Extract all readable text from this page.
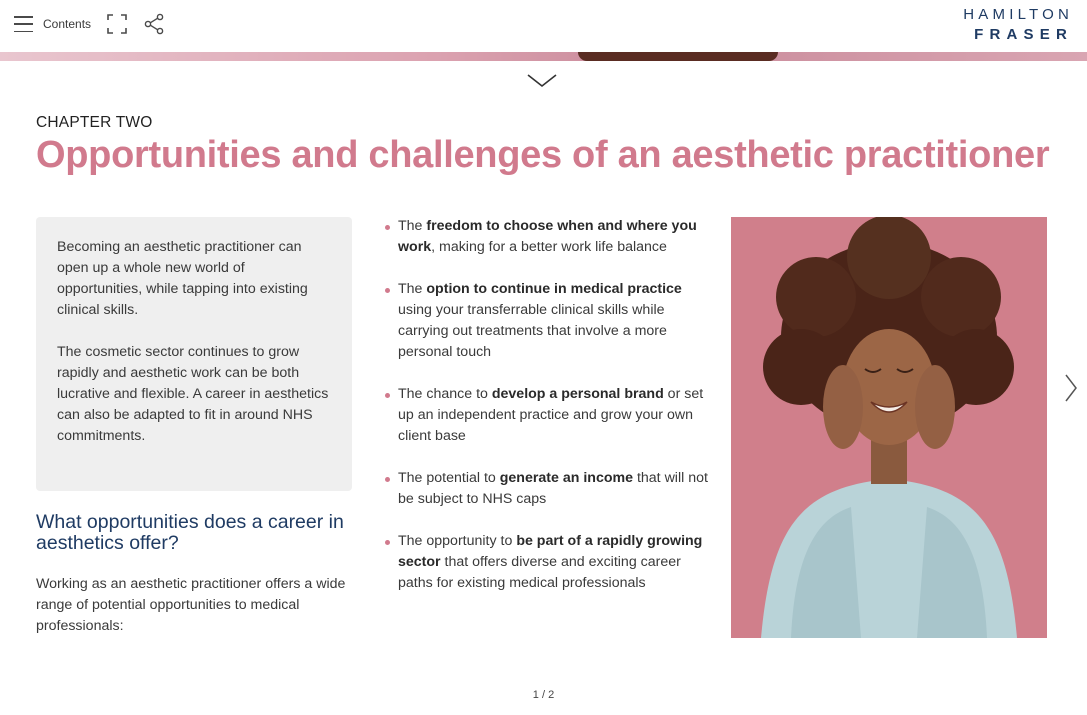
Contents
HAMILTON
FRASER
CHAPTER TWO
Opportunities and challenges of an aesthetic practitioner

Becoming an aesthetic practitioner can open up a whole new world of opportunities, while tapping into existing clinical skills.

The cosmetic sector continues to grow rapidly and aesthetic work can be both lucrative and flexible. A career in aesthetics can also be adapted to fit in around NHS commitments.

What opportunities does a career in aesthetics offer?

Working as an aesthetic practitioner offers a wide range of potential opportunities to medical professionals:

The freedom to choose when and where you work, making for a better work life balance
The option to continue in medical practice using your transferrable clinical skills while carrying out treatments that involve a more personal touch
The chance to develop a personal brand or set up an independent practice and grow your own client base
The potential to generate an income that will not be subject to NHS caps
The opportunity to be part of a rapidly growing sector that offers diverse and exciting career paths for existing medical professionals
1 / 2
